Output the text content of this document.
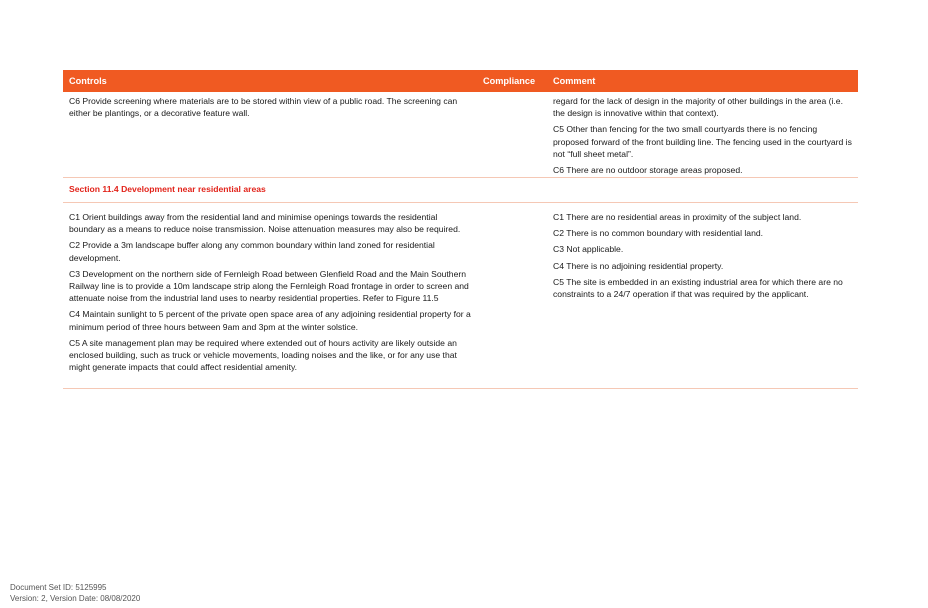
Controls	Compliance Comment

C6 Provide screening where materials are to be stored within view of a public road. The screening can either be plantings, or a decorative feature wall.

regard for the lack of design in the majority of other buildings in the area (i.e. the design is innovative within that context).

C5 Other than fencing for the two small courtyards there is no fencing proposed forward of the front building line. The fencing used in the courtyard is not “full sheet metal”.

C6 There are no outdoor storage areas proposed.

Section 11.4 Development near residential areas

C1 Orient buildings away from the residential land and minimise openings towards the residential boundary as a means to reduce noise transmission. Noise attenuation measures may also be required.

C2 Provide a 3m landscape buffer along any common boundary within land zoned for residential development.

C3 Development on the northern side of Fernleigh Road between Glenfield Road and the Main Southern Railway line is to provide a 10m landscape strip along the Fernleigh Road frontage in order to screen and attenuate noise from the industrial land uses to nearby residential properties. Refer to Figure 11.5

C4 Maintain sunlight to 5 percent of the private open space area of any adjoining residential property for a minimum period of three hours between 9am and 3pm at the winter solstice.

C5 A site management plan may be required where extended out of hours activity are likely outside an enclosed building, such as truck or vehicle movements, loading noises and the like, or for any use that might generate impacts that could affect residential amenity.

C1 There are no residential areas in proximity of the subject land.

C2 There is no common boundary with residential land.

C3 Not applicable.

C4 There is no adjoining residential property.

C5 The site is embedded in an existing industrial area for which there are no constraints to a 24/7 operation if that was required by the applicant.

Document Set ID: 5125995
Version: 2, Version Date: 08/08/2020
